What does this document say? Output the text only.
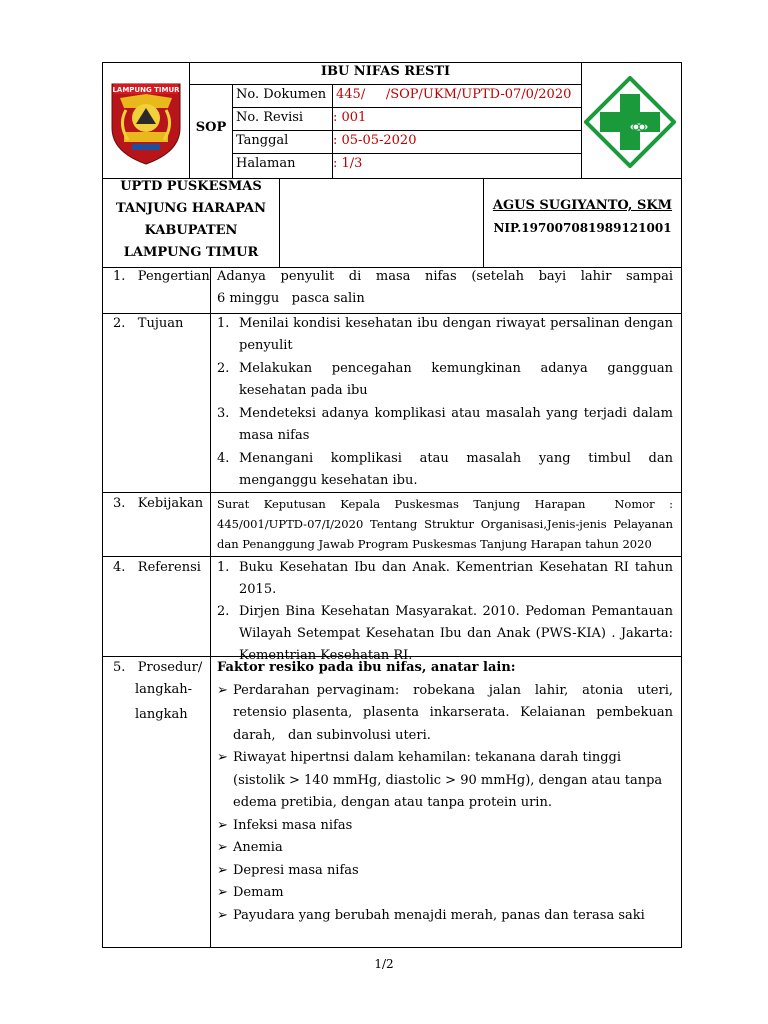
LAMPUNG TIMUR
SOP
IBU NIFAS RESTI
No. Dokumen 445/     /SOP/UKM/UPTD-07/0/2020
No. Revisi : 001
Tanggal	: 05-05-2020
Halaman	: 1/3
UPTD PUSKESMAS
TANJUNG HARAPAN
KABUPATEN
LAMPUNG TIMUR
AGUS SUGIYANTO, SKM
NIP.197007081989121001
1.   Pengertian Adanya   penyulit   di   masa   nifas   (setelah   bayi   lahir   sampai   6 minggu   pasca salin
2.   Tujuan	1. Menilai kondisi kesehatan ibu dengan riwayat persalinan dengan penyulit
2. Melakukan pencegahan kemungkinan adanya gangguan kesehatan pada ibu
3. Mendeteksi adanya komplikasi atau masalah yang terjadi dalam masa nifas
4. Menangani komplikasi atau masalah yang timbul dan menganggu kesehatan ibu.
3.   Kebijakan Surat Keputusan Kepala Puskesmas Tanjung Harapan  Nomor : 445/001/UPTD-07/I/2020 Tentang Struktur Organisasi,Jenis-jenis Pelayanan dan Penanggung Jawab Program Puskesmas Tanjung Harapan tahun 2020
4.   Referensi 1. Buku Kesehatan Ibu dan Anak. Kementrian Kesehatan RI tahun 2015.
2. Dirjen Bina Kesehatan Masyarakat. 2010. Pedoman Pemantauan Wilayah Setempat Kesehatan Ibu dan Anak (PWS-KIA) . Jakarta: Kementrian Kesehatan RI.
5.   Prosedur/
langkah-
langkah
Faktor resiko pada ibu nifas, anatar lain:
➢ Perdarahan pervaginam:  robekana  jalan  lahir,  atonia  uteri, retensio plasenta,  plasenta  inkarserata.  Kelaianan  pembekuan darah,   dan subinvolusi uteri.
➢ Riwayat hipertnsi dalam kehamilan: tekanana darah tinggi (sistolik > 140 mmHg, diastolic > 90 mmHg), dengan atau tanpa edema pretibia, dengan atau tanpa protein urin.
➢ Infeksi masa nifas
➢ Anemia
➢ Depresi masa nifas
➢ Demam
➢ Payudara yang berubah menajdi merah, panas dan terasa saki
1/2
